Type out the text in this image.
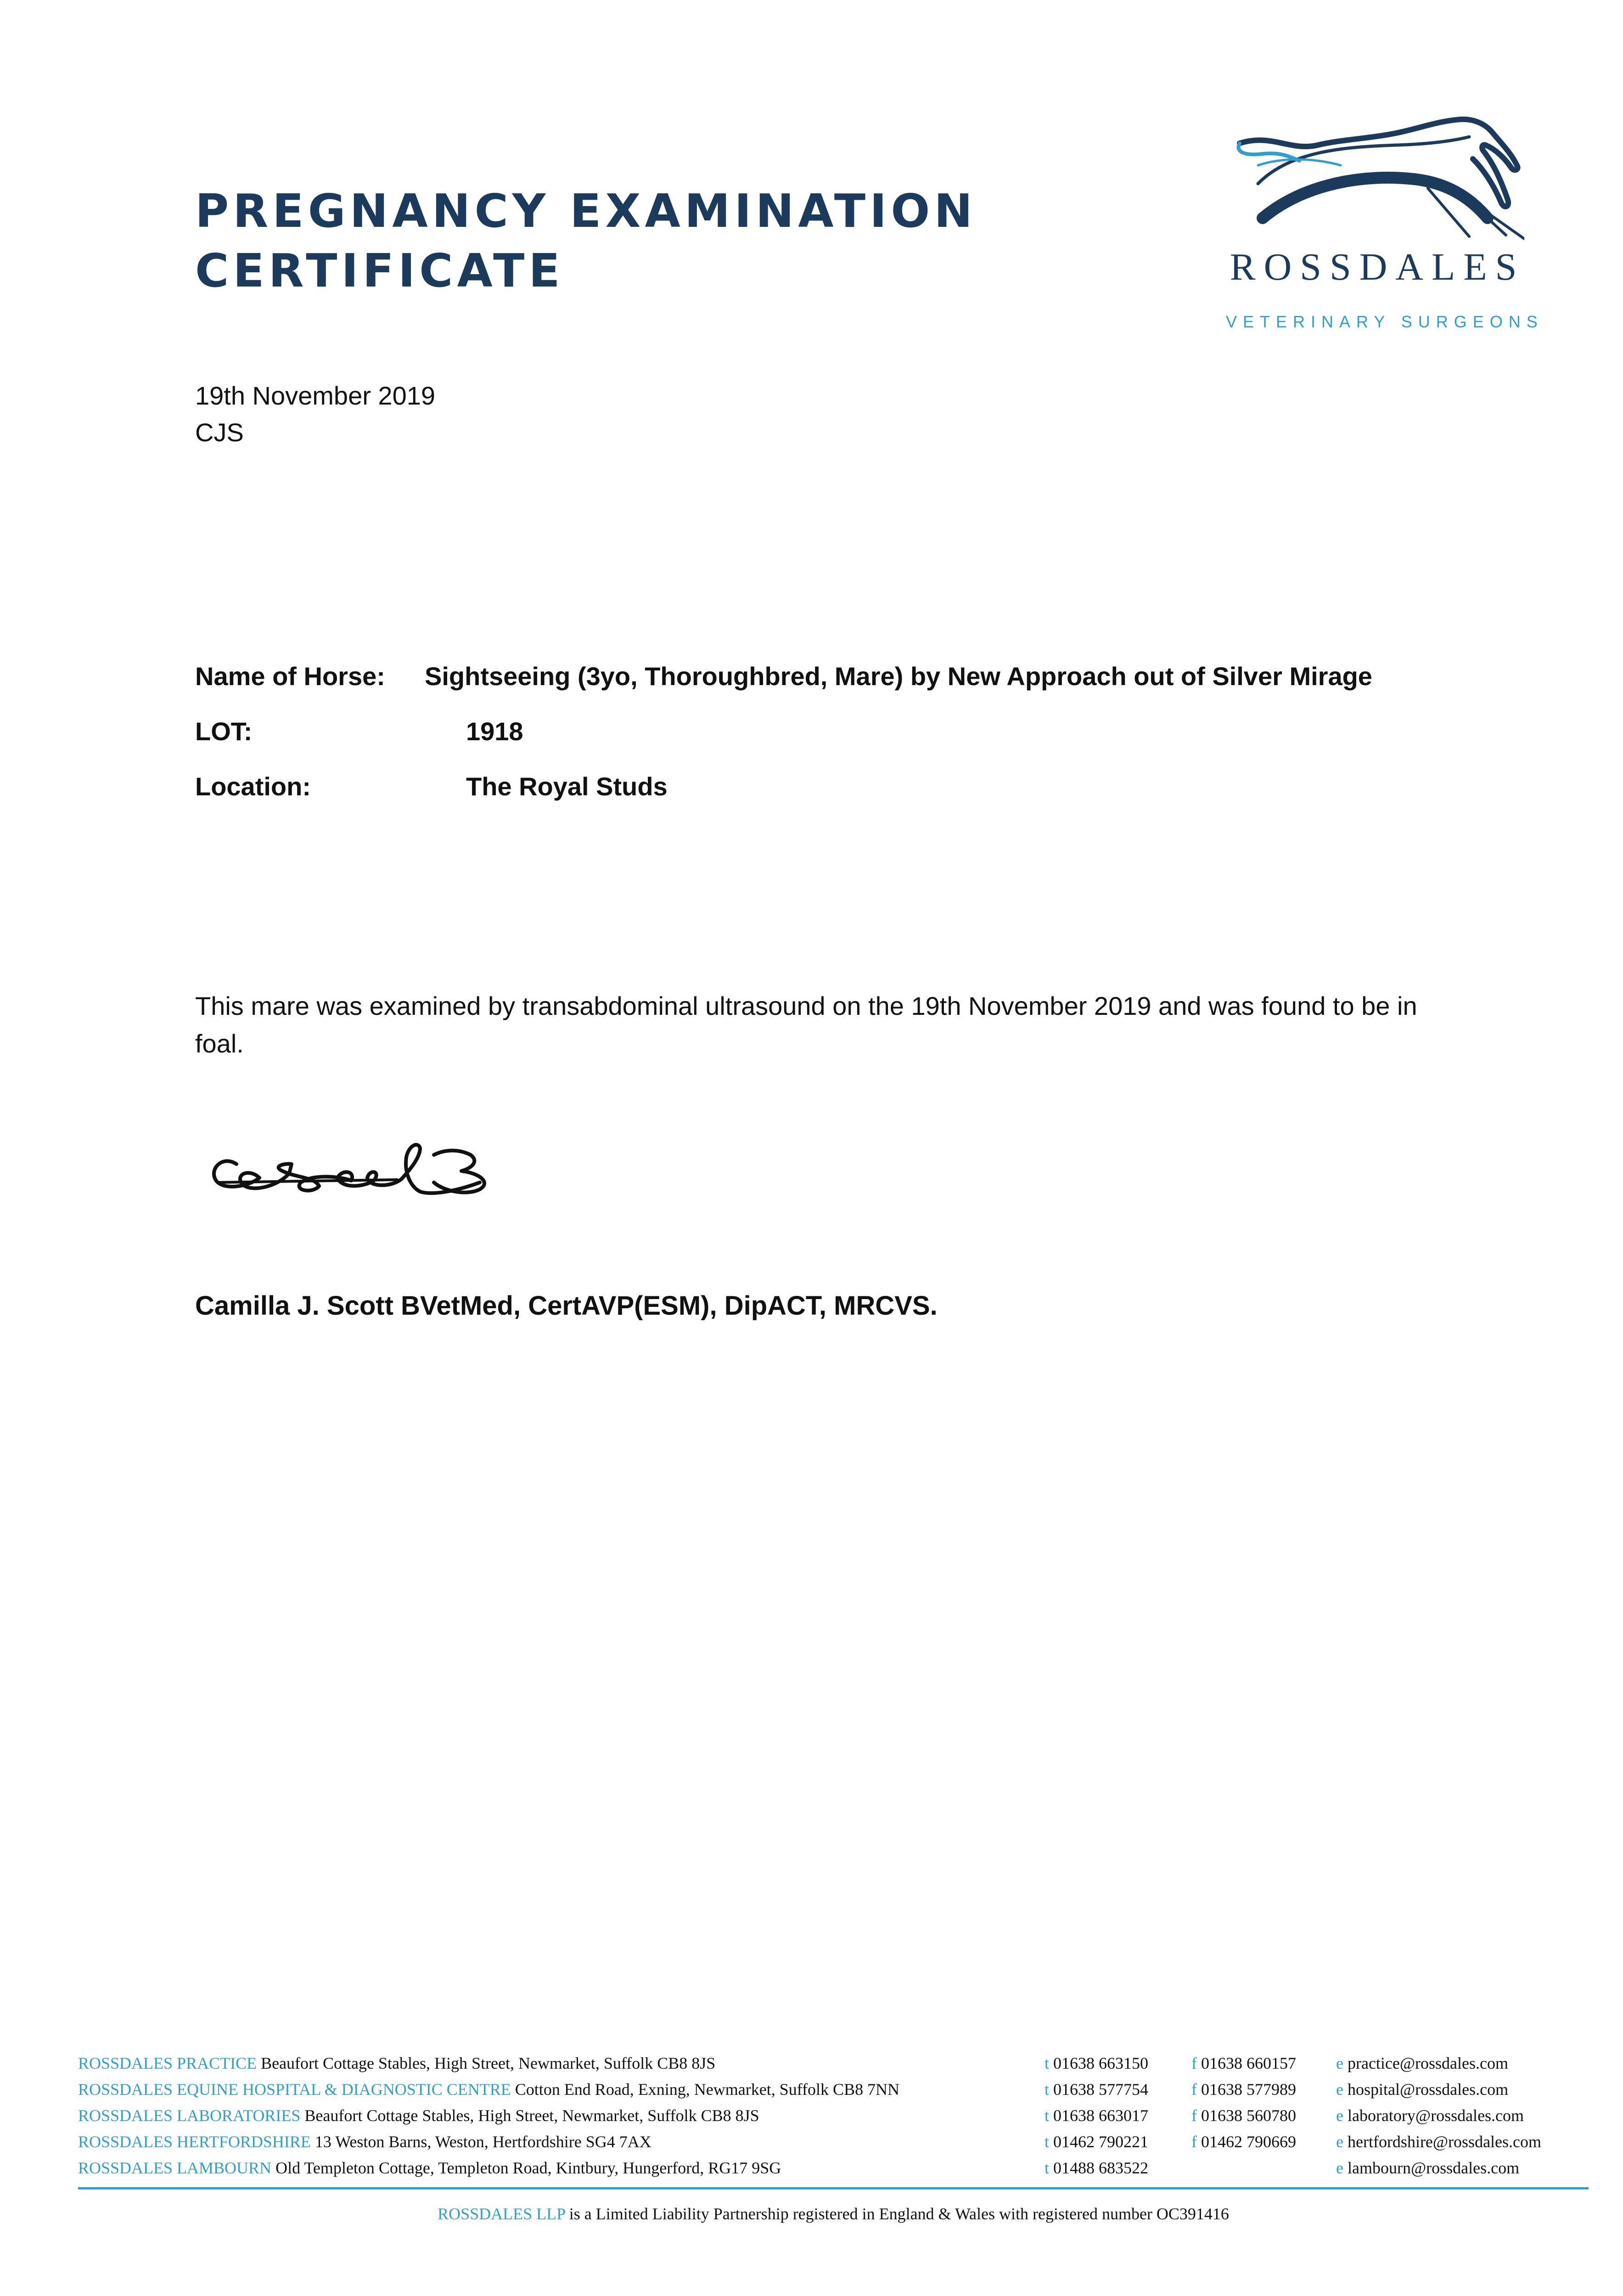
PREGNANCY EXAMINATION
CERTIFICATE	ROSSDALES
VETERINARY SURGEONS
19th November 2019
CJS
Name of Horse: Sightseeing (3yo, Thoroughbred, Mare) by New Approach out of Silver Mirage
LOT:	1918
Location:	The Royal Studs
This mare was examined by transabdominal ultrasound on the 19th November 2019 and was found to be in foal.
Camilla J. Scott BVetMed, CertAVP(ESM), DipACT, MRCVS.
ROSSDALES PRACTICE Beaufort Cottage Stables, High Street, Newmarket, Suffolk CB8 8JS	t 01638 663150	f 01638 660157 e practice@rossdales.com
ROSSDALES EQUINE HOSPITAL & DIAGNOSTIC CENTRE Cotton End Road, Exning, Newmarket, Suffolk CB8 7NN	t 01638 577754	f 01638 577989 e hospital@rossdales.com
ROSSDALES LABORATORIES Beaufort Cottage Stables, High Street, Newmarket, Suffolk CB8 8JS	t 01638 663017	f 01638 560780 e laboratory@rossdales.com
ROSSDALES HERTFORDSHIRE 13 Weston Barns, Weston, Hertfordshire SG4 7AX	t 01462 790221	f 01462 790669 e hertfordshire@rossdales.com
ROSSDALES LAMBOURN Old Templeton Cottage, Templeton Road, Kintbury, Hungerford, RG17 9SG	t 01488 683522	e lambourn@rossdales.com
ROSSDALES LLP is a Limited Liability Partnership registered in England & Wales with registered number OC391416
